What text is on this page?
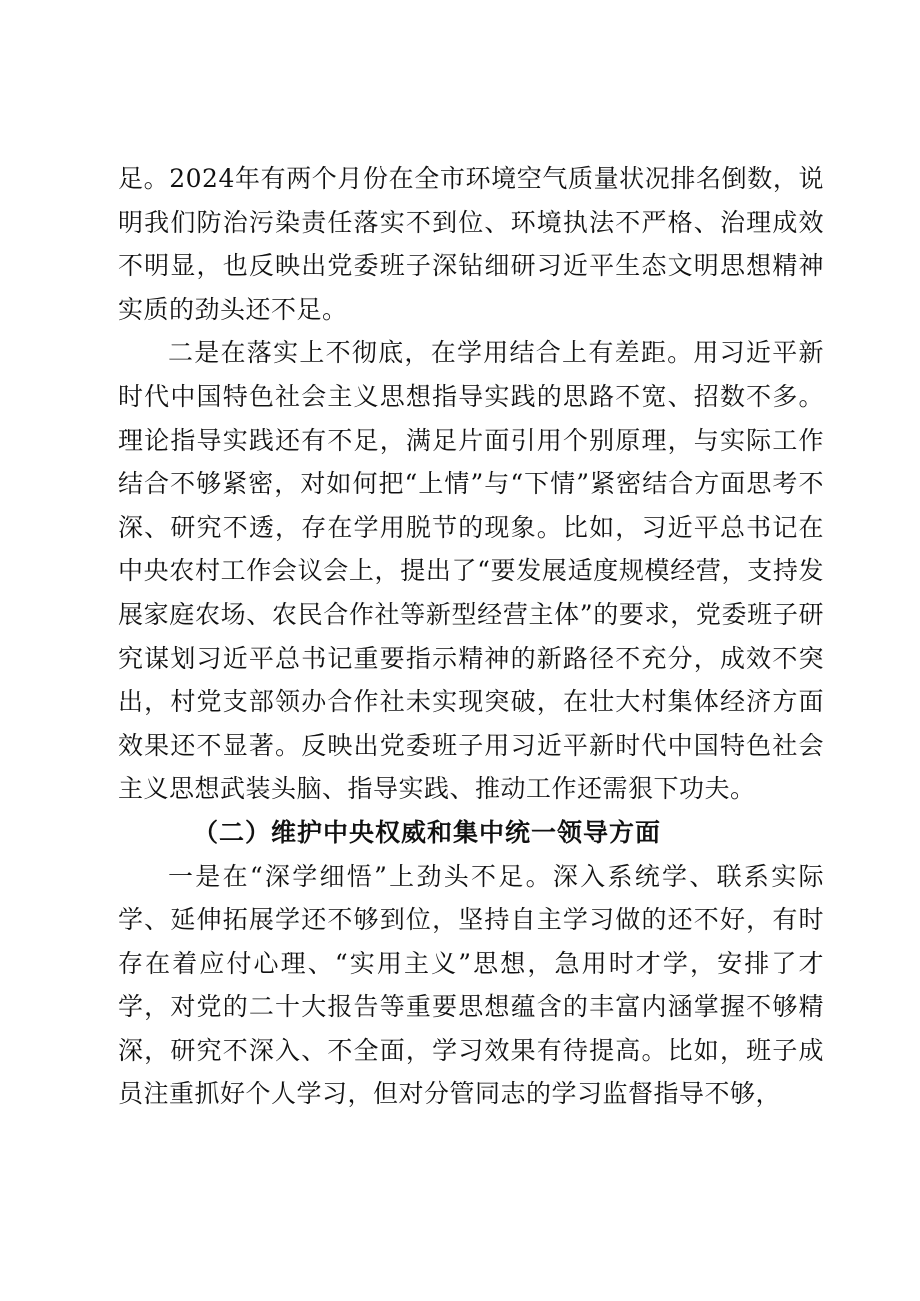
足。2024年有两个月份在全市环境空气质量状况排名倒数，说明我们防治污染责任落实不到位、环境执法不严格、治理成效不明显，也反映出党委班子深钻细研习近平生态文明思想精神实质的劲头还不足。

二是在落实上不彻底，在学用结合上有差距。用习近平新时代中国特色社会主义思想指导实践的思路不宽、招数不多。理论指导实践还有不足，满足片面引用个别原理，与实际工作结合不够紧密，对如何把“上情”与“下情”紧密结合方面思考不深、研究不透，存在学用脱节的现象。比如，习近平总书记在中央农村工作会议会上，提出了“要发展适度规模经营，支持发展家庭农场、农民合作社等新型经营主体”的要求，党委班子研究谋划习近平总书记重要指示精神的新路径不充分，成效不突出，村党支部领办合作社未实现突破，在壮大村集体经济方面效果还不显著。反映出党委班子用习近平新时代中国特色社会主义思想武装头脑、指导实践、推动工作还需狠下功夫。

（二）维护中央权威和集中统一领导方面

一是在“深学细悟”上劲头不足。深入系统学、联系实际学、延伸拓展学还不够到位，坚持自主学习做的还不好，有时存在着应付心理、“实用主义”思想，急用时才学，安排了才学，对党的二十大报告等重要思想蕴含的丰富内涵掌握不够精深，研究不深入、不全面，学习效果有待提高。比如，班子成员注重抓好个人学习，但对分管同志的学习监督指导不够，
